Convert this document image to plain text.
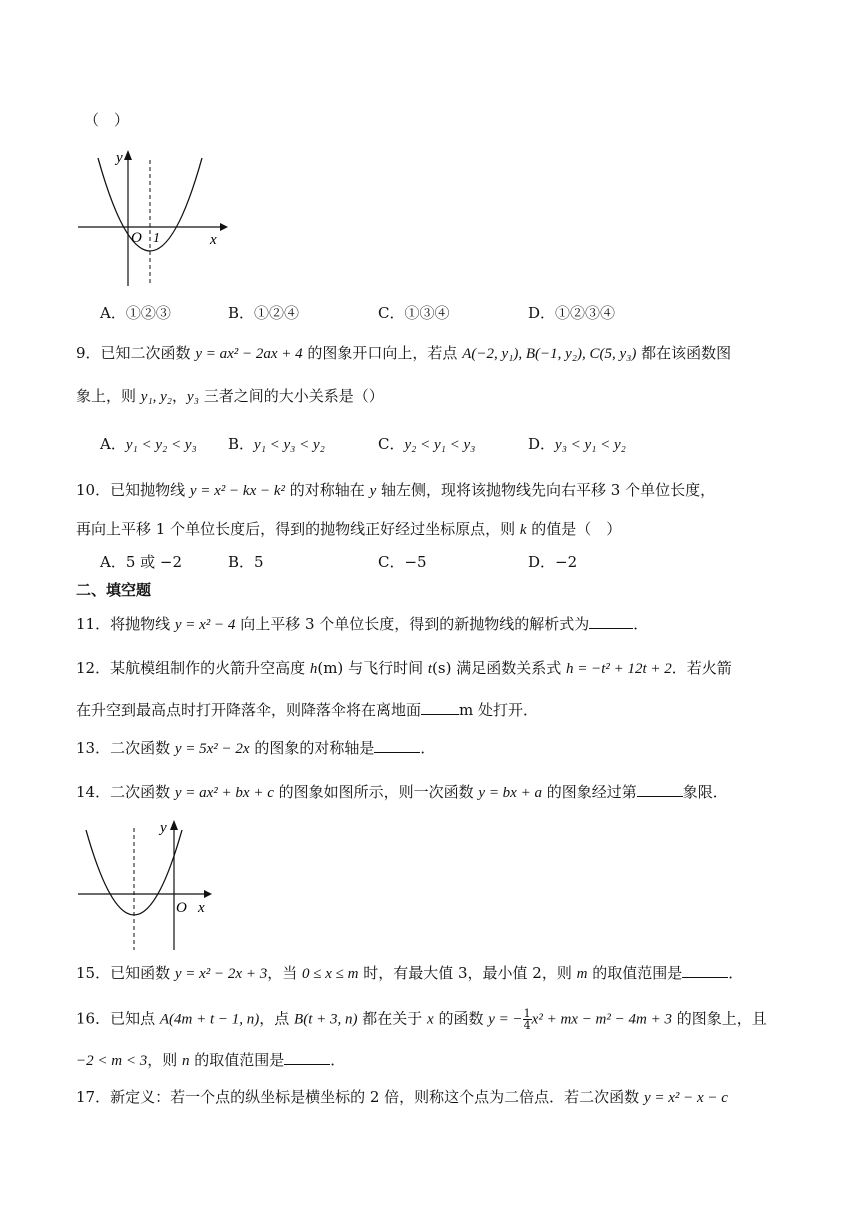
（　）
y
x
O 1
A．①②③	B．①②④	C．①③④	D．①②③④
9．已知二次函数 y = ax² − 2ax + 4 的图象开口向上，若点 A(−2, y₁), B(−1, y₂), C(5, y₃) 都在该函数图
象上，则 y₁, y₂，y₃ 三者之间的大小关系是（）
A．y₁ < y₂ < y₃ B．y₁ < y₃ < y₂	C．y₂ < y₁ < y₃	D．y₃ < y₁ < y₂
10．已知抛物线 y = x² − kx − k² 的对称轴在 y 轴左侧，现将该抛物线先向右平移 3 个单位长度，
再向上平移 1 个单位长度后，得到的抛物线正好经过坐标原点，则 k 的值是（　）
A．5 或 −2	B．5	C．−5	D．−2
二、填空题
11．将抛物线 y = x² − 4 向上平移 3 个单位长度，得到的新抛物线的解析式为	．
12．某航模组制作的火箭升空高度 h(m) 与飞行时间 t(s) 满足函数关系式 h = −t² + 12t + 2．若火箭
在升空到最高点时打开降落伞，则降落伞将在离地面	m 处打开．
13．二次函数 y = 5x² − 2x 的图象的对称轴是	．
14．二次函数 y = ax² + bx + c 的图象如图所示，则一次函数 y = bx + a 的图象经过第	象限．
y
x
O
15．已知函数 y = x² − 2x + 3，当 0 ≤ x ≤ m 时，有最大值 3，最小值 2，则 m 的取值范围是	．
16．已知点 A(4m + t − 1, n)，点 B(t + 3, n) 都在关于 x 的函数 y = − $\frac{1}{4} x^2$ + mx − m² − 4m + 3 的图象上，且
−2 < m < 3，则 n 的取值范围是	．
17．新定义：若一个点的纵坐标是横坐标的 2 倍，则称这个点为二倍点．若二次函数 y = x² − x − c
